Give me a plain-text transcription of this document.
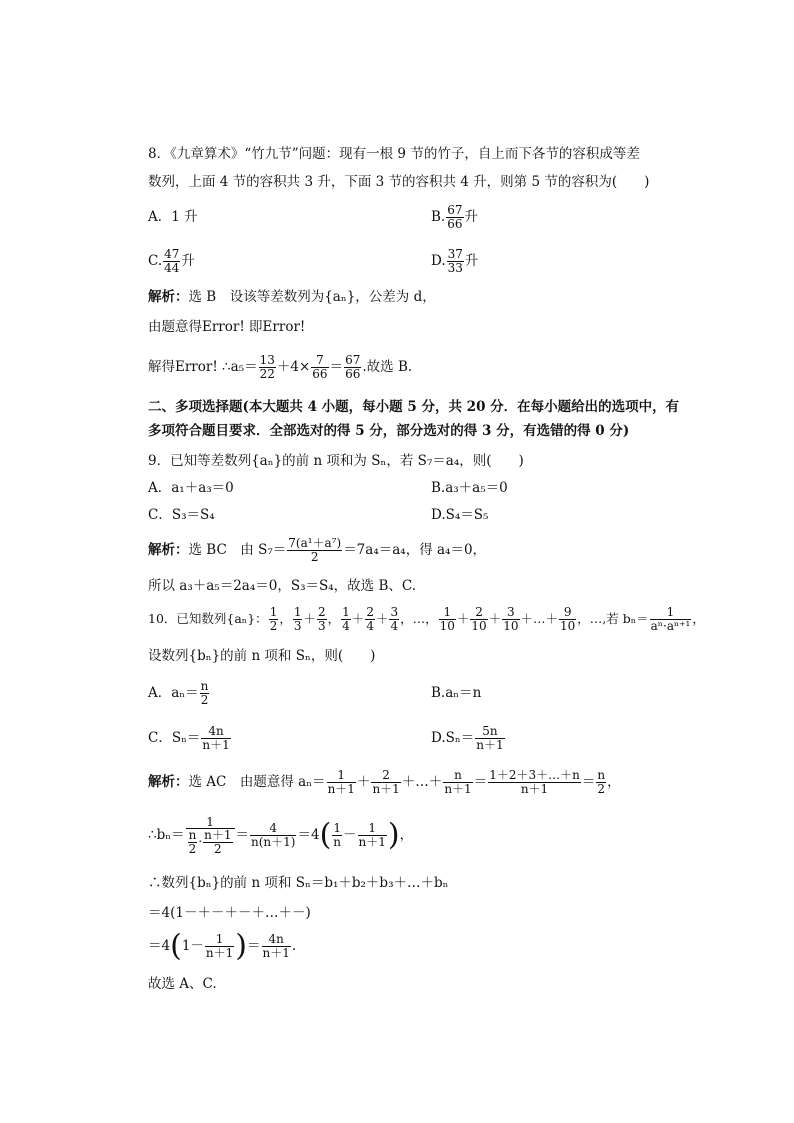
8．《九章算术》“竹九节”问题：现有一根 9 节的竹子，自上而下各节的容积成等差
数列，上面 4 节的容积共 3 升，下面 3 节的容积共 4 升，则第 5 节的容积为(　　)
A．1 升	B. $\frac{67}{66}$ 升
C. $\frac{47}{44}$ 升	D. $\frac{37}{33}$ 升
解析：选 B　设该等差数列为{aₙ}，公差为 d，
由题意得Error! 即Error!
解得Error! ∴a₅＝ $\frac{13}{22} +4\times \frac{7}{66} = \frac{67}{66}$ .故选 B.
二、多项选择题(本大题共 4 小题，每小题 5 分，共 20 分．在每小题给出的选项中，有
多项符合题目要求．全部选对的得 5 分，部分选对的得 3 分，有选错的得 0 分)
9．已知等差数列{aₙ}的前 n 项和为 Sₙ，若 S₇＝a₄，则(　　)
A．a₁＋a₃＝0	B.a₃＋a₅＝0
C．S₃＝S₄	D.S₄＝S₅
解析：选 BC　由 $S_7= \frac{\text{7(a¹＋a⁷)}}{2} =7a_4=a_4$，得 a₄＝0，
所以 a₃＋a₅＝2a₄＝0，S₃＝S₄，故选 B、C.
10．已知数列{aₙ}： $\frac{1}{2}$ ， $\frac{1}{3} + \frac{2}{3}$ ， $\frac{1}{4} + \frac{2}{4} + \frac{3}{4}$ ，…， $\frac{1}{10} + \frac{2}{10} + \frac{3}{10}$ ＋…＋ $\frac{9}{10}$ ，…,若 $b_n= \frac{1}{\text{aⁿ·aⁿ⁺¹}}$ ，
设数列{bₙ}的前 n 项和 Sₙ，则(　　)
A．$a_n= \frac{n}{2}$	B.aₙ＝n
C．$S_n= \frac{4n}{n+1}$	$D.S_n= \frac{5n}{n+1}$
解析：选 AC　由题意得 $a_n= \frac{1}{n+1} + \frac{2}{n+1}$ ＋…＋ $\frac{n}{n+1} = \frac{1+2+3+\dots+n}{n+1} = \frac{n}{2}$ ，
∴bₙ＝ $\frac{1}{\frac{n}{2} \cdot \frac{n+1}{2}} = \frac{4}{n(n+1)} =4( \frac{1}{n} - \frac{1}{n+1}$ )，
∴数列{bₙ}的前 n 项和 Sₙ＝b₁＋b₂＋b₃＋…＋bₙ
＝4(1－＋－＋－＋…＋－)
$=4(1- \frac{1}{n+1}$ )＝ $\frac{4n}{n+1}$ .
故选 A、C.
